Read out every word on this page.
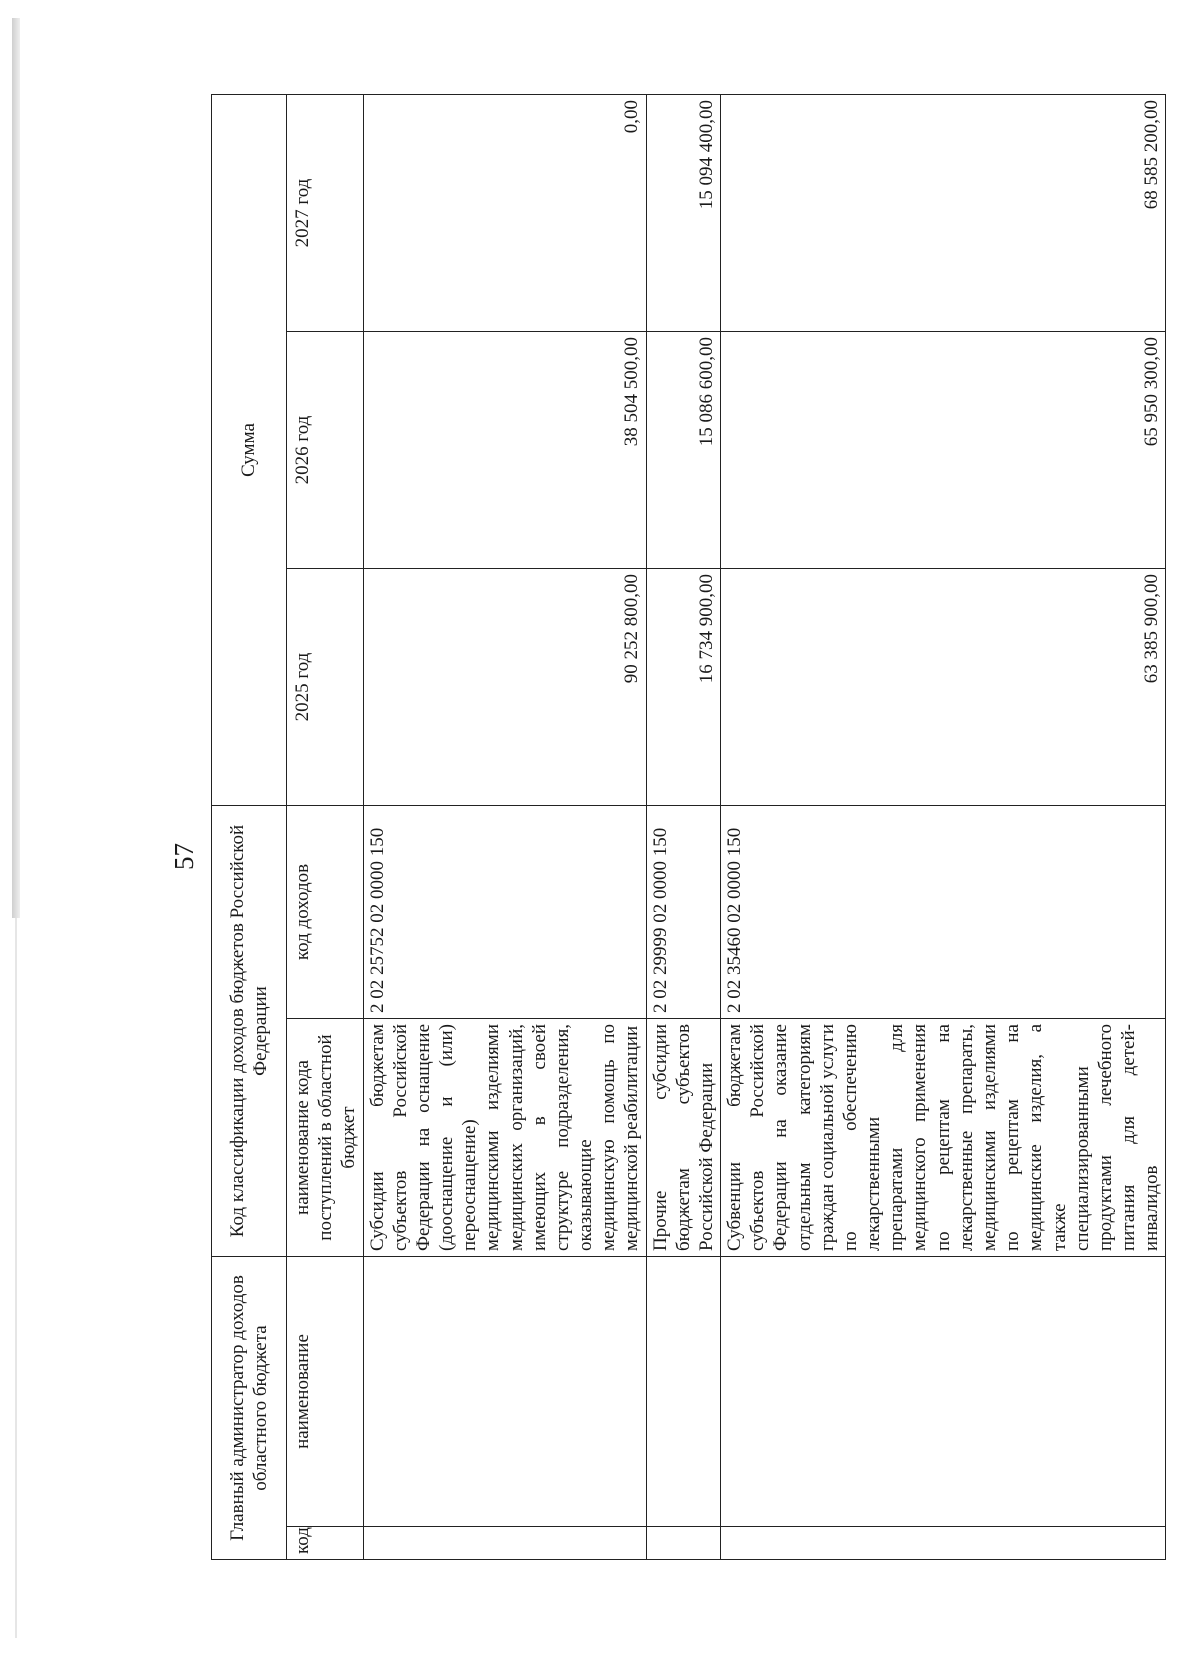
57
Главный администратор доходов областного бюджета		Код классификации доходов бюджетов Российской Федерации		Сумма		
код	наименование	наименование кода поступлений в областной бюджет	код доходов	2025 год	2026 год	2027 год
		Субсидии бюджетам субъектов Российской Федерации на оснащение (дооснащение и (или) переоснащение) медицинскими изделиями медицинских организаций, имеющих в своей структуре подразделения, оказывающие медицинскую помощь по медицинской реабилитации	2 02 25752 02 0000 150	90 252 800,00	38 504 500,00	0,00
		Прочие субсидии бюджетам субъектов Российской Федерации	2 02 29999 02 0000 150	16 734 900,00	15 086 600,00	15 094 400,00
		Субвенции бюджетам субъектов Российской Федерации на оказание отдельным категориям граждан социальной услуги по обеспечению лекарственными препаратами для медицинского применения по рецептам на лекарственные препараты, медицинскими изделиями по рецептам на медицинские изделия, а также специализированными продуктами лечебного питания для детей-инвалидов	2 02 35460 02 0000 150	63 385 900,00	65 950 300,00	68 585 200,00
